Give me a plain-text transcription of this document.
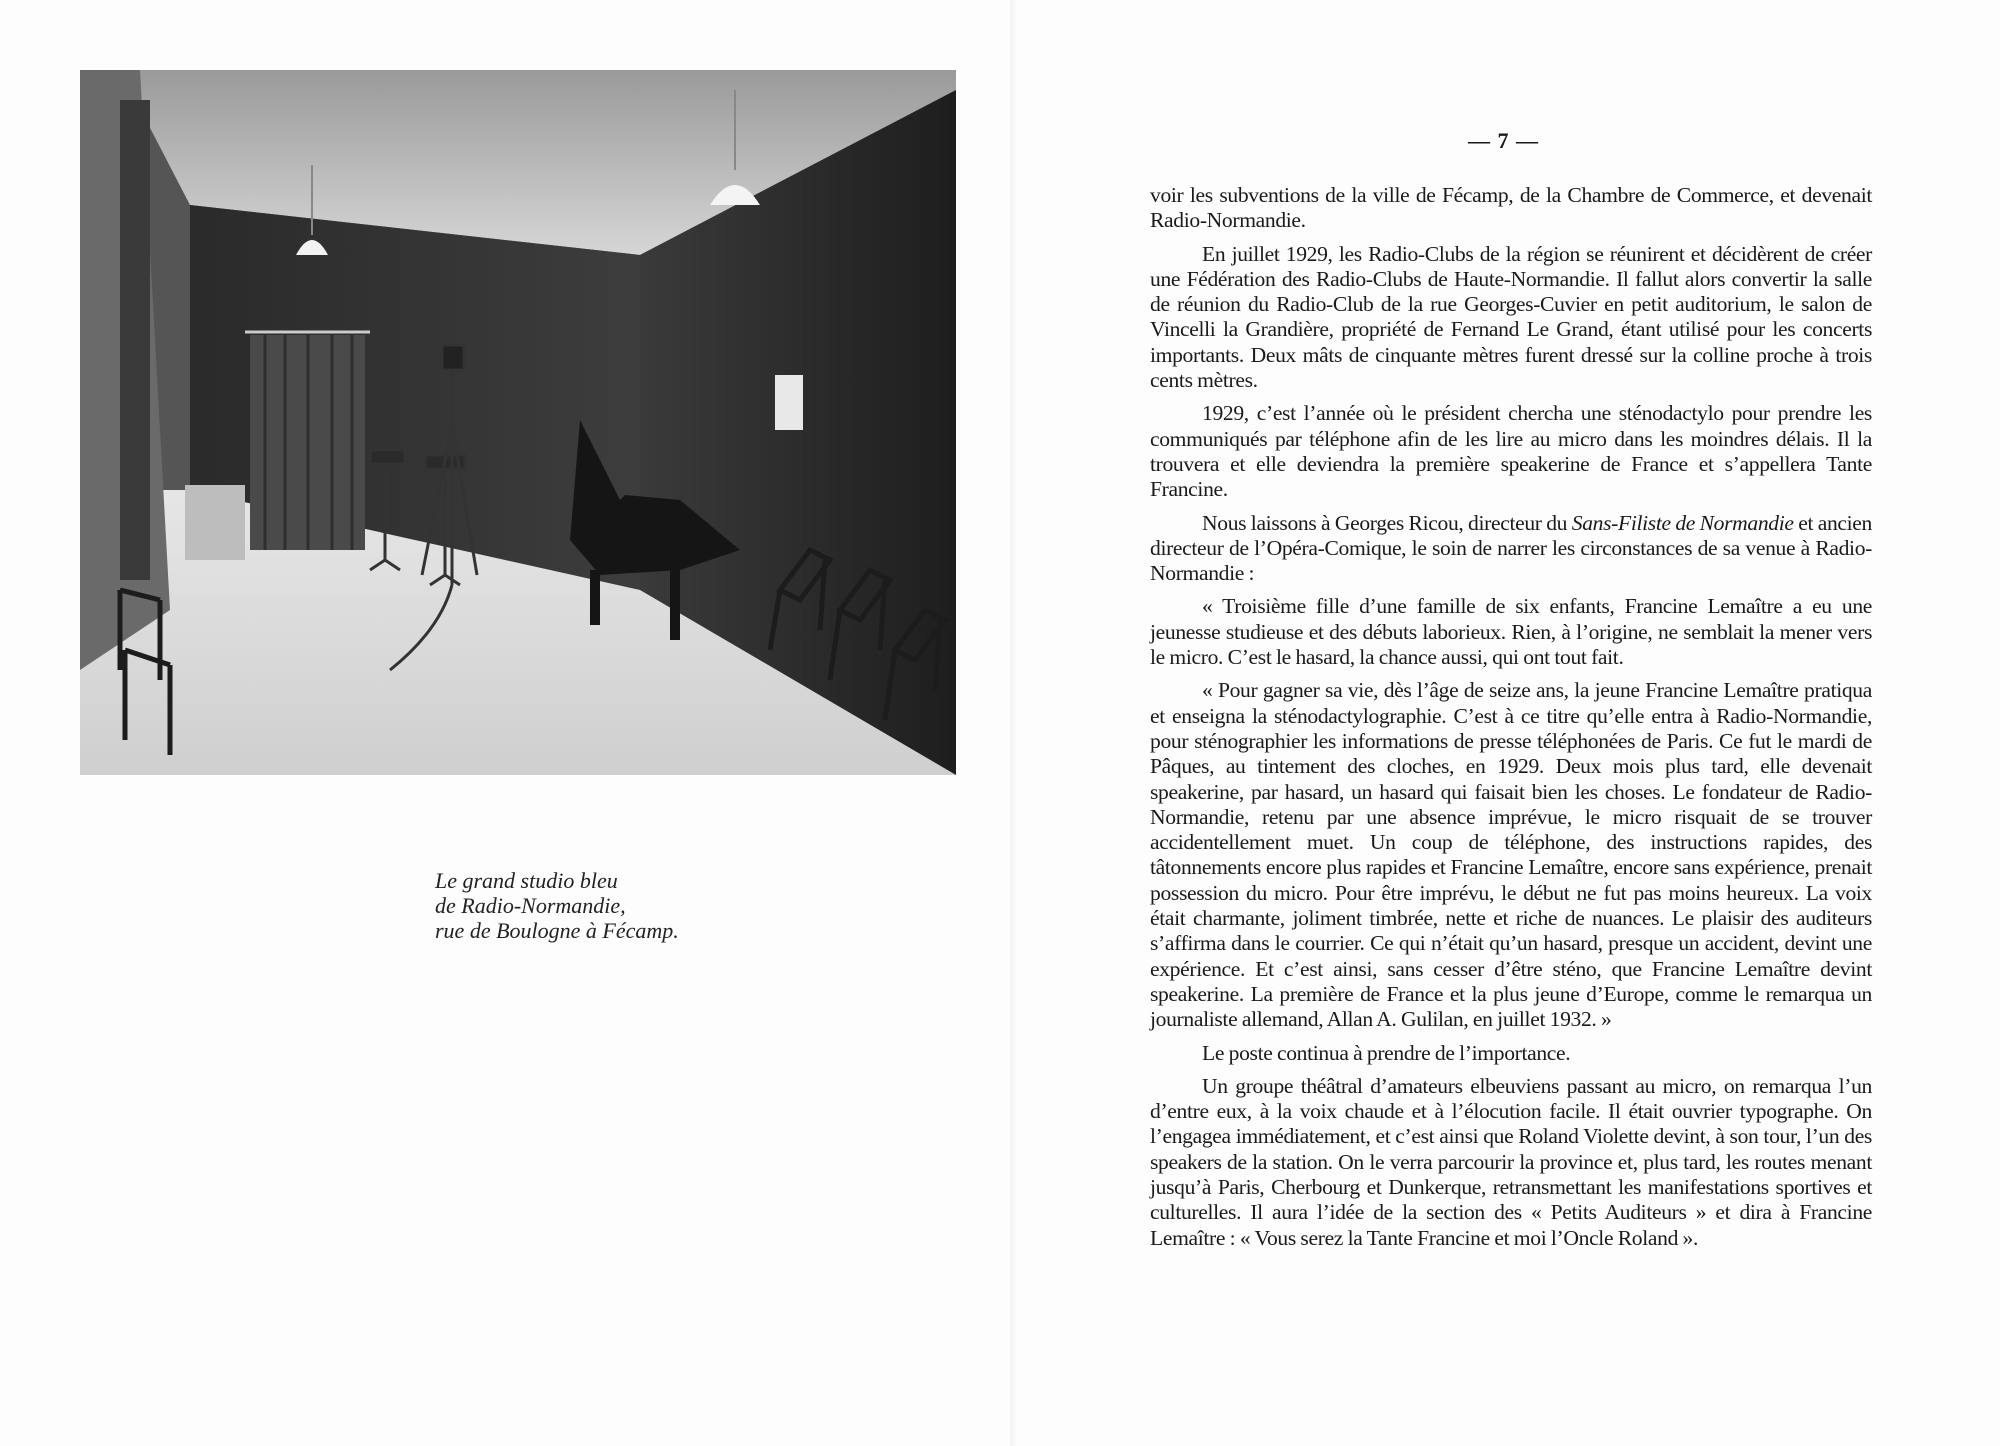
Le grand studio bleu
de Radio-Normandie,
rue de Boulogne à Fécamp.
— 7 —

voir les subventions de la ville de Fécamp, de la Chambre de Commerce, et devenait Radio-Normandie.

En juillet 1929, les Radio-Clubs de la région se réunirent et décidèrent de créer une Fédération des Radio-Clubs de Haute-Normandie. Il fallut alors convertir la salle de réunion du Radio-Club de la rue Georges-Cuvier en petit auditorium, le salon de Vincelli la Grandière, propriété de Fernand Le Grand, étant utilisé pour les concerts importants. Deux mâts de cinquante mètres furent dressé sur la colline proche à trois cents mètres.

1929, c’est l’année où le président chercha une sténodactylo pour prendre les communiqués par téléphone afin de les lire au micro dans les moindres délais. Il la trouvera et elle deviendra la première speakerine de France et s’appellera Tante Francine.

Nous laissons à Georges Ricou, directeur du Sans-Filiste de Normandie et ancien directeur de l’Opéra-Comique, le soin de narrer les circonstances de sa venue à Radio-Normandie :

« Troisième fille d’une famille de six enfants, Francine Lemaître a eu une jeunesse studieuse et des débuts laborieux. Rien, à l’origine, ne semblait la mener vers le micro. C’est le hasard, la chance aussi, qui ont tout fait.

« Pour gagner sa vie, dès l’âge de seize ans, la jeune Francine Lemaître pratiqua et enseigna la sténodactylographie. C’est à ce titre qu’elle entra à Radio-Normandie, pour sténographier les informations de presse téléphonées de Paris. Ce fut le mardi de Pâques, au tintement des cloches, en 1929. Deux mois plus tard, elle devenait speakerine, par hasard, un hasard qui faisait bien les choses. Le fondateur de Radio-Normandie, retenu par une absence imprévue, le micro risquait de se trouver accidentellement muet. Un coup de téléphone, des instructions rapides, des tâtonnements encore plus rapides et Francine Lemaître, encore sans expérience, prenait possession du micro. Pour être imprévu, le début ne fut pas moins heureux. La voix était charmante, joliment timbrée, nette et riche de nuances. Le plaisir des auditeurs s’affirma dans le courrier. Ce qui n’était qu’un hasard, presque un accident, devint une expérience. Et c’est ainsi, sans cesser d’être sténo, que Francine Lemaître devint speakerine. La première de France et la plus jeune d’Europe, comme le remarqua un journaliste allemand, Allan A. Gulilan, en juillet 1932. »

Le poste continua à prendre de l’importance.

Un groupe théâtral d’amateurs elbeuviens passant au micro, on remarqua l’un d’entre eux, à la voix chaude et à l’élocution facile. Il était ouvrier typographe. On l’engagea immédiatement, et c’est ainsi que Roland Violette devint, à son tour, l’un des speakers de la station. On le verra parcourir la province et, plus tard, les routes menant jusqu’à Paris, Cherbourg et Dunkerque, retransmettant les manifestations sportives et culturelles. Il aura l’idée de la section des « Petits Auditeurs » et dira à Francine Lemaître : « Vous serez la Tante Francine et moi l’Oncle Roland ».
